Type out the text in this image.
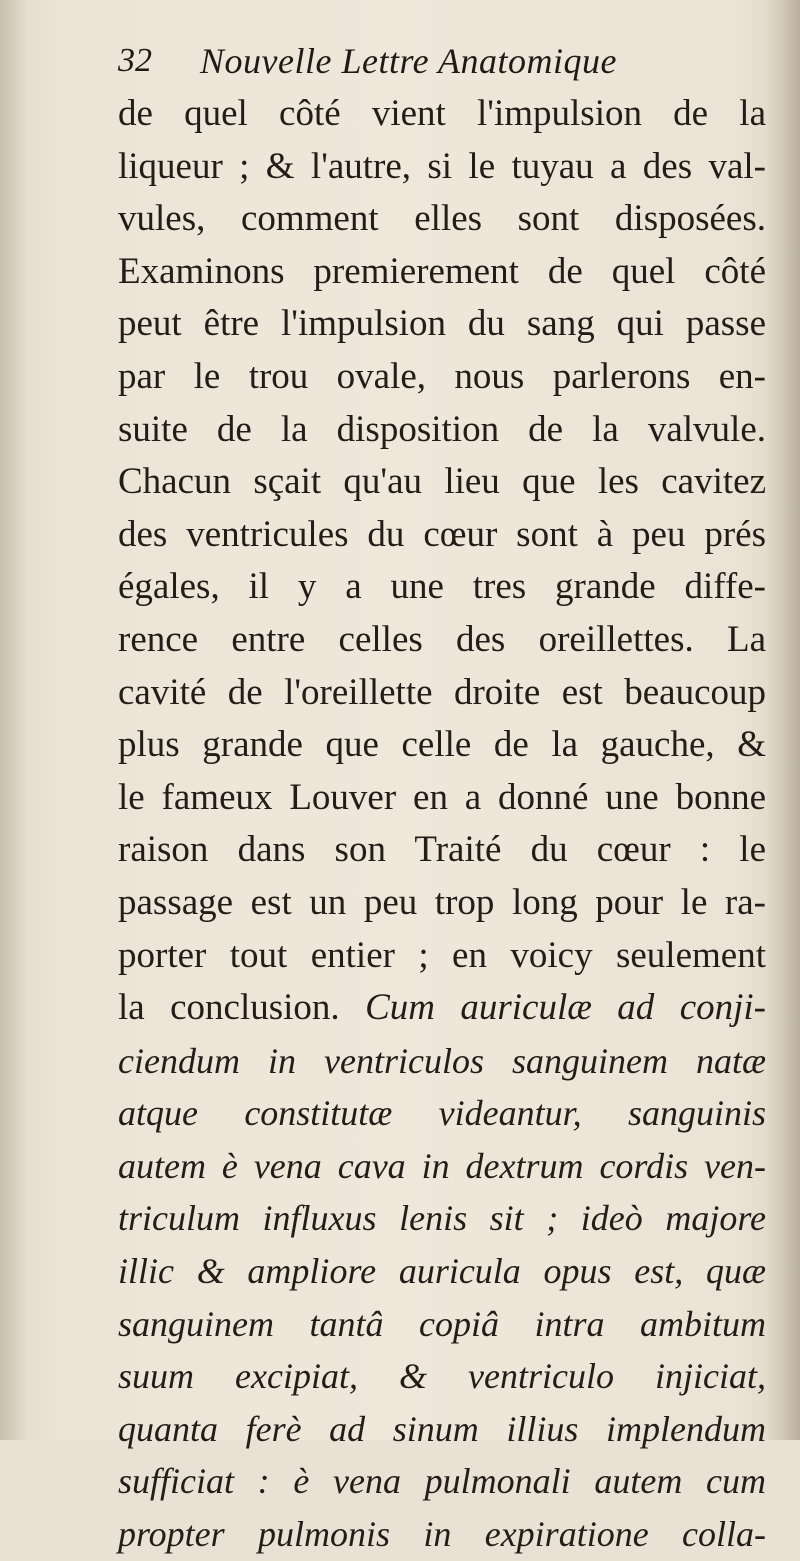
32 Nouvelle Lettre Anatomique
de quel côté vient l'impulsion de la
liqueur ; & l'autre, si le tuyau a des val-
vules, comment elles sont disposées.
Examinons premierement de quel côté
peut être l'impulsion du sang qui passe
par le trou ovale, nous parlerons en-
suite de la disposition de la valvule.
Chacun sçait qu'au lieu que les cavitez
des ventricules du cœur sont à peu prés
égales, il y a une tres grande diffe-
rence entre celles des oreillettes. La
cavité de l'oreillette droite est beaucoup
plus grande que celle de la gauche, &
le fameux Louver en a donné une bonne
raison dans son Traité du cœur : le
passage est un peu trop long pour le ra-
porter tout entier ; en voicy seulement
la conclusion. Cum auriculæ ad conji-
ciendum in ventriculos sanguinem natæ
atque constitutæ videantur, sanguinis
autem è vena cava in dextrum cordis ven-
triculum influxus lenis sit ; ideò majore
illic & ampliore auricula opus est, quæ
sanguinem tantâ copiâ intra ambitum
suum excipiat, & ventriculo injiciat,
quanta ferè ad sinum illius implendum
sufficiat : è vena pulmonali autem cum
propter pulmonis in expiratione colla-
